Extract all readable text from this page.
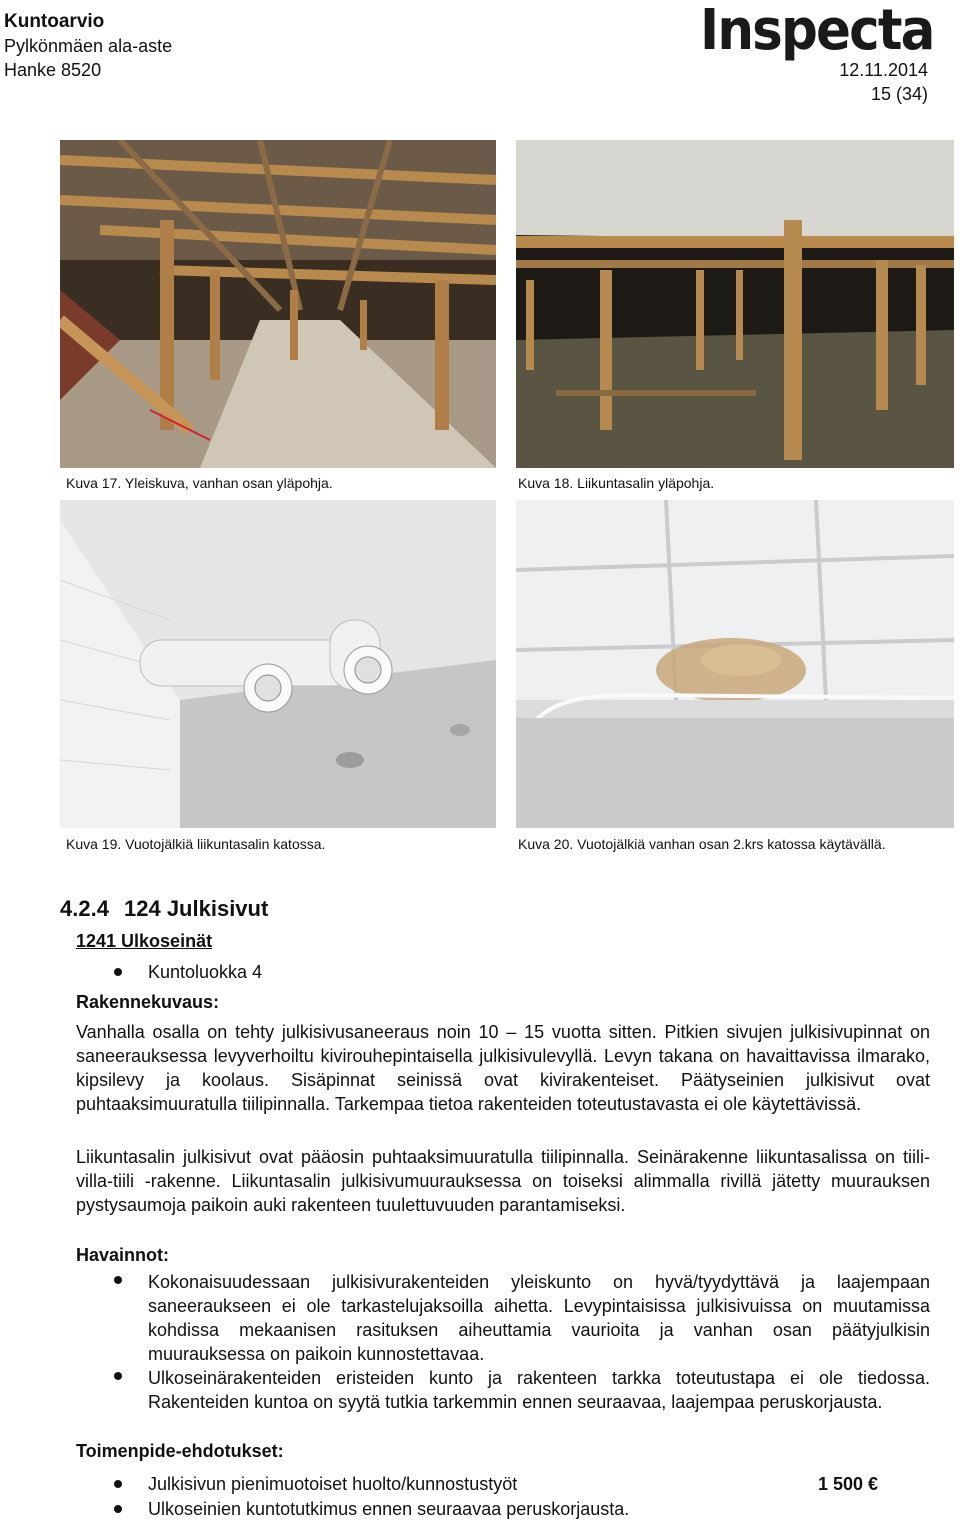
Kuntoarvio
Pylkönmäen ala-aste
Hanke 8520
Inspecta
12.11.2014
15 (34)
Kuva 17. Yleiskuva, vanhan osan yläpohja.	Kuva 18. Liikuntasalin yläpohja.
Kuva 19. Vuotojälkiä liikuntasalin katossa.	Kuva 20. Vuotojälkiä vanhan osan 2.krs katossa käytävällä.
4.2.4 124 Julkisivut
1241 Ulkoseinät
Kuntoluokka 4
Rakennekuvaus:
Vanhalla osalla on tehty julkisivusaneeraus noin 10 – 15 vuotta sitten. Pitkien sivujen julkisivupinnat on saneerauksessa levyverhoiltu kivirouhepintaisella julkisivulevyllä. Levyn takana on havaittavissa ilmarako, kipsilevy ja koolaus. Sisäpinnat seinissä ovat kivirakenteiset. Päätyseinien julkisivut ovat puhtaaksimuuratulla tiilipinnalla. Tarkempaa tietoa rakenteiden toteutustavasta ei ole käytettävissä.
Liikuntasalin julkisivut ovat pääosin puhtaaksimuuratulla tiilipinnalla. Seinärakenne liikuntasalissa on tiili-villa-tiili -rakenne. Liikuntasalin julkisivumuurauksessa on toiseksi alimmalla rivillä jätetty muurauksen pystysaumoja paikoin auki rakenteen tuulettuvuuden parantamiseksi.
Havainnot:
Kokonaisuudessaan julkisivurakenteiden yleiskunto on hyvä/tyydyttävä ja laajempaan saneeraukseen ei ole tarkastelujaksoilla aihetta. Levypintaisissa julkisivuissa on muutamissa kohdissa mekaanisen rasituksen aiheuttamia vaurioita ja vanhan osan päätyjulkisin muurauksessa on paikoin kunnostettavaa.
Ulkoseinärakenteiden eristeiden kunto ja rakenteen tarkka toteutustapa ei ole tiedossa. Rakenteiden kuntoa on syytä tutkia tarkemmin ennen seuraavaa, laajempaa peruskorjausta.
Toimenpide-ehdotukset:
Julkisivun pienimuotoiset huolto/kunnostustyöt	1 500 €
Ulkoseinien kuntotutkimus ennen seuraavaa peruskorjausta.
